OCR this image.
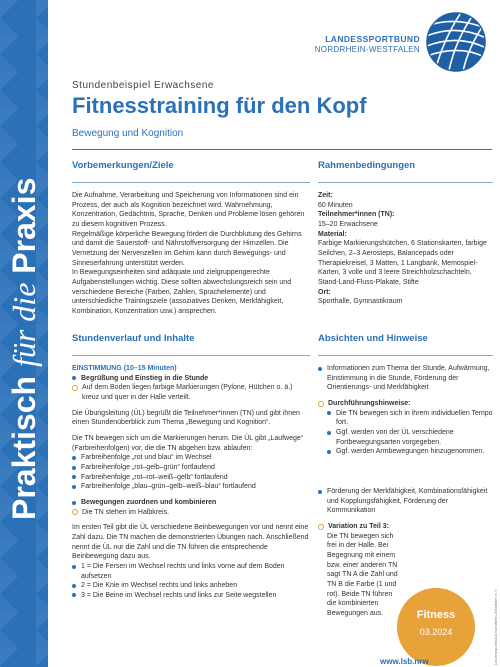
Praktisch für die Praxis
LANDESSPORTBUND
NORDRHEIN-WESTFALEN
Stundenbeispiel Erwachsene
Fitnesstraining für den Kopf
Bewegung und Kognition
Vorbemerkungen/Ziele
Die Aufnahme, Verarbeitung und Speicherung von Informationen sind ein Prozess, der auch als Kognition bezeichnet wird. Wahrnehmung, Konzentration, Gedächtnis, Sprache, Denken und Probleme lösen gehören zu diesem kognitiven Prozess.
Regelmäßige körperliche Bewegung fördert die Durchblutung des Gehirns und damit die Sauerstoff- und Nährstoffversorgung der Hirnzellen. Die Vernetzung der Nervenzellen im Gehirn kann durch Bewegungs- und Sinneserfahrung unterstützt werden.
In Bewegungseinheiten sind adäquate und zielgruppengerechte Aufgabenstellungen wichtig. Diese sollten abwechslungsreich sein und verschiedene Bereiche (Farben, Zahlen, Sprachelemente) und unterschiedliche Trainingsziele (assoziatives Denken, Merkfähigkeit, Kombination, Konzentration usw.) ansprechen.
Rahmenbedingungen
Zeit:
60 Minuten
Teilnehmer*innen (TN):
15–20 Erwachsene
Material:
Farbige Markierungshütchen, 6 Stationskarten, farbige Seilchen, 2–3 Aerosteps, Balancepads oder Therapiekreisel, 3 Matten, 1 Langbank, Memospiel-Karten, 3 volle und 3 leere Streichholzschachteln, Stand-Land-Fluss-Plakate, Stifte
Ort:
Sporthalle, Gymnastikraum
Stundenverlauf und Inhalte
EINSTIMMUNG (10–15 Minuten)
Begrüßung und Einstieg in die Stunde
Auf dem Boden liegen farbige Markierungen (Pylone, Hütchen o. ä.) kreuz und quer in der Halle verteilt.
Die Übungsleitung (ÜL) begrüßt die Teilnehmer*innen (TN) und gibt ihnen einen Stundenüberblick zum Thema „Bewegung und Kognition“.
Die TN bewegen sich um die Markierungen herum. Die ÜL gibt „Laufwege“ (Farbreihenfolgen) vor, die die TN abgehen bzw. ablaufen:
Farbreihenfolge „rot und blau“ im Wechsel
Farbreihenfolge „rot–gelb–grün“ fortlaufend
Farbreihenfolge „rot–rot–weiß–gelb“ fortlaufend
Farbreihenfolge „blau–grün–gelb–weiß–blau“ fortlaufend
Bewegungen zuordnen und kombinieren
Die TN stehen im Halbkreis.
Im ersten Teil gibt die ÜL verschiedene Beinbewegungen vor und nennt eine Zahl dazu. Die TN machen die demonstrierten Übungen nach. Anschließend nennt die ÜL nur die Zahl und die TN führen die entsprechende Beinbewegung dazu aus.
1 = Die Fersen im Wechsel rechts und links vorne auf dem Boden aufsetzen
2 = Die Knie im Wechsel rechts und links anheben
3 = Die Beine im Wechsel rechts und links zur Seite wegstellen
Absichten und Hinweise
Informationen zum Thema der Stunde, Aufwärmung, Einstimmung in die Stunde, Förderung der Orientierungs- und Merkfähigkeit
Durchführungshinweise:
Die TN bewegen sich in ihrem individuellen Tempo fort.
Ggf. werden von der ÜL verschiedene Fortbewegungsarten vorgegeben.
Ggf. werden Armbewegungen hinzugenommen.
Förderung der Merkfähigkeit, Kombinationsfähigkeit und Kopplungsfähigkeit, Förderung der Kommunikation
Variation zu Teil 3:
Die TN bewegen sich frei in der Halle. Bei Begegnung mit einem bzw. einer anderen TN sagt TN A die Zahl und TN B die Farbe (1 und rot). Beide TN führen die kombinierten Bewegungen aus.	Fitness
03.2024
www.lsb.nrw	Landessportbund Nordrhein-Westfalen e.V.
